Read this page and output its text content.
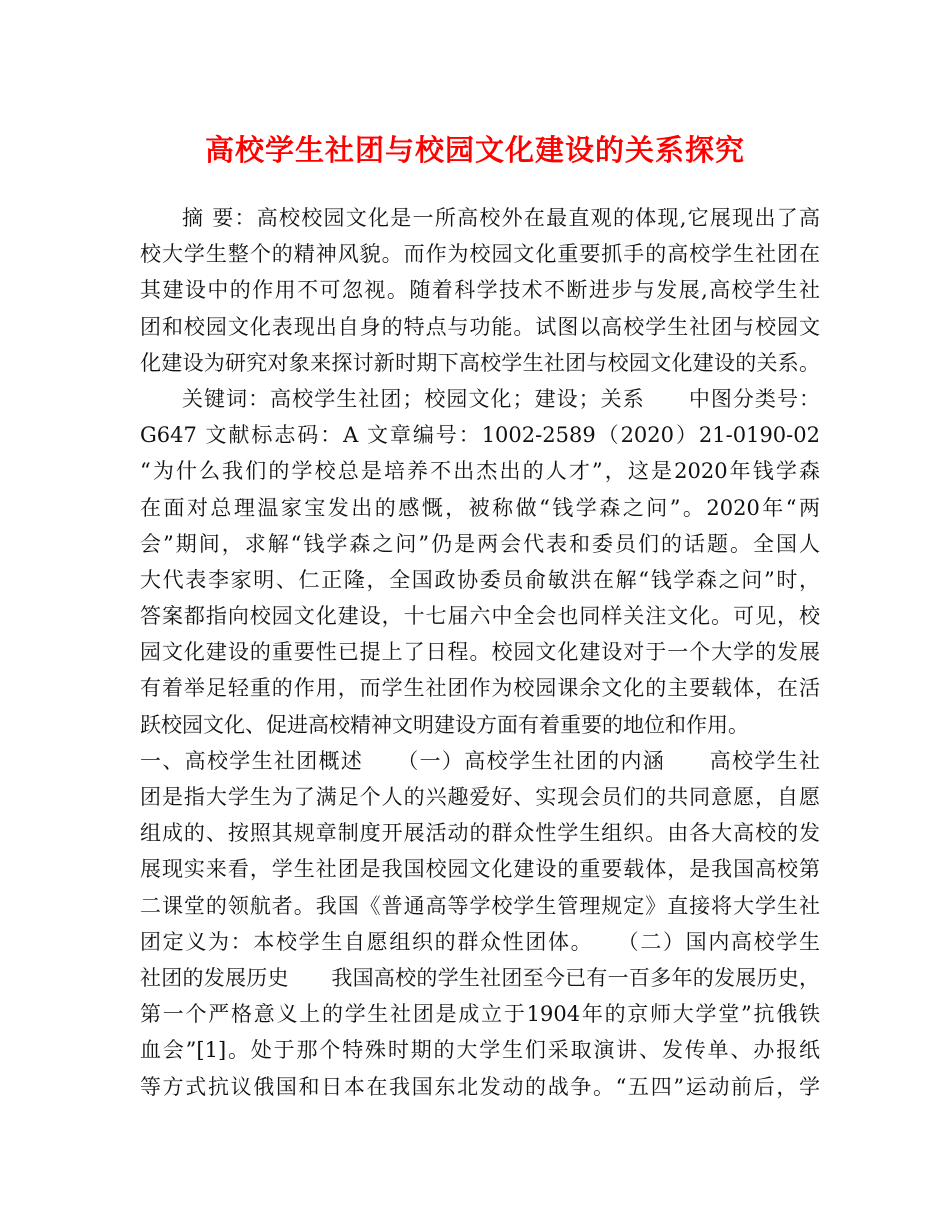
高校学生社团与校园文化建设的关系探究
摘 要：高校校园文化是一所高校外在最直观的体现,它展现出了高
校大学生整个的精神风貌。而作为校园文化重要抓手的高校学生社团在
其建设中的作用不可忽视。随着科学技术不断进步与发展,高校学生社
团和校园文化表现出自身的特点与功能。试图以高校学生社团与校园文
化建设为研究对象来探讨新时期下高校学生社团与校园文化建设的关系。
关键词：高校学生社团；校园文化；建设；关系　　中图分类号：
G647 文献标志码：A 文章编号：1002-2589（2020）21-0190-02
“为什么我们的学校总是培养不出杰出的人才”，这是2020年钱学森
在面对总理温家宝发出的感慨，被称做“钱学森之问”。2020年“两
会”期间，求解“钱学森之问”仍是两会代表和委员们的话题。全国人
大代表李家明、仁正隆，全国政协委员俞敏洪在解“钱学森之问”时，
答案都指向校园文化建设，十七届六中全会也同样关注文化。可见，校
园文化建设的重要性已提上了日程。校园文化建设对于一个大学的发展
有着举足轻重的作用，而学生社团作为校园课余文化的主要载体，在活
跃校园文化、促进高校精神文明建设方面有着重要的地位和作用。
一、高校学生社团概述　　（一）高校学生社团的内涵　　高校学生社
团是指大学生为了满足个人的兴趣爱好、实现会员们的共同意愿，自愿
组成的、按照其规章制度开展活动的群众性学生组织。由各大高校的发
展现实来看，学生社团是我国校园文化建设的重要载体，是我国高校第
二课堂的领航者。我国《普通高等学校学生管理规定》直接将大学生社
团定义为：本校学生自愿组织的群众性团体。　　（二）国内高校学生
社团的发展历史　　我国高校的学生社团至今已有一百多年的发展历史，
第一个严格意义上的学生社团是成立于1904年的京师大学堂”抗俄铁
血会”[1]。处于那个特殊时期的大学生们采取演讲、发传单、办报纸
等方式抗议俄国和日本在我国东北发动的战争。“五四”运动前后，学
